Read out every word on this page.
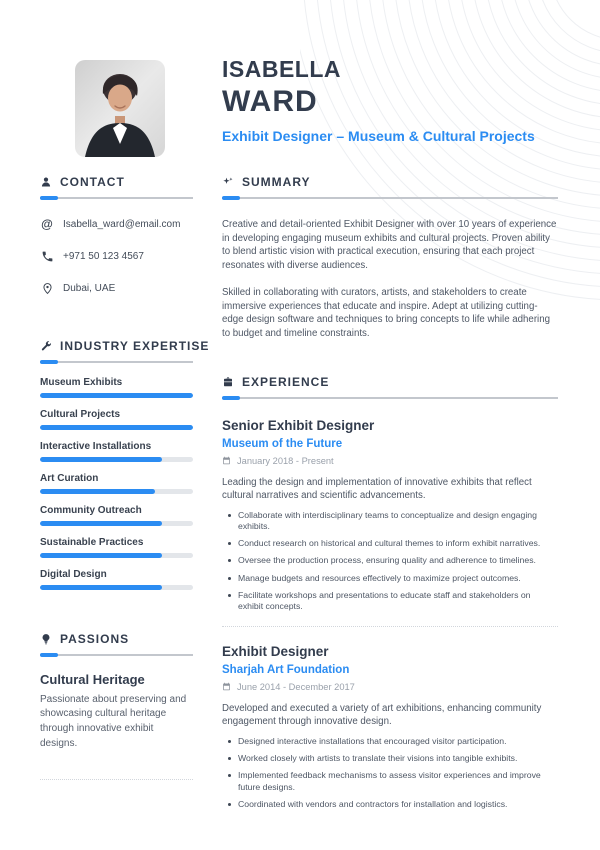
ISABELLA
WARD
Exhibit Designer – Museum & Cultural Projects
CONTACT
@ Isabella_ward@email.com
+971 50 123 4567
Dubai, UAE
INDUSTRY EXPERTISE
Museum Exhibits
Cultural Projects
Interactive Installations
Art Curation
Community Outreach
Sustainable Practices
Digital Design
PASSIONS
Cultural Heritage
Passionate about preserving and showcasing cultural heritage through innovative exhibit designs.
SUMMARY

Creative and detail-oriented Exhibit Designer with over 10 years of experience in developing engaging museum exhibits and cultural projects. Proven ability to blend artistic vision with practical execution, ensuring that each project resonates with diverse audiences.

Skilled in collaborating with curators, artists, and stakeholders to create immersive experiences that educate and inspire. Adept at utilizing cutting-edge design software and techniques to bring concepts to life while adhering to budget and timeline constraints.

EXPERIENCE
Senior Exhibit Designer
Museum of the Future
January 2018 - Present
Leading the design and implementation of innovative exhibits that reflect cultural narratives and scientific advancements.
Collaborate with interdisciplinary teams to conceptualize and design engaging exhibits.
Conduct research on historical and cultural themes to inform exhibit narratives.
Oversee the production process, ensuring quality and adherence to timelines.
Manage budgets and resources effectively to maximize project outcomes.
Facilitate workshops and presentations to educate staff and stakeholders on exhibit concepts.
Exhibit Designer
Sharjah Art Foundation
June 2014 - December 2017
Developed and executed a variety of art exhibitions, enhancing community engagement through innovative design.
Designed interactive installations that encouraged visitor participation.
Worked closely with artists to translate their visions into tangible exhibits.
Implemented feedback mechanisms to assess visitor experiences and improve future designs.
Coordinated with vendors and contractors for installation and logistics.
